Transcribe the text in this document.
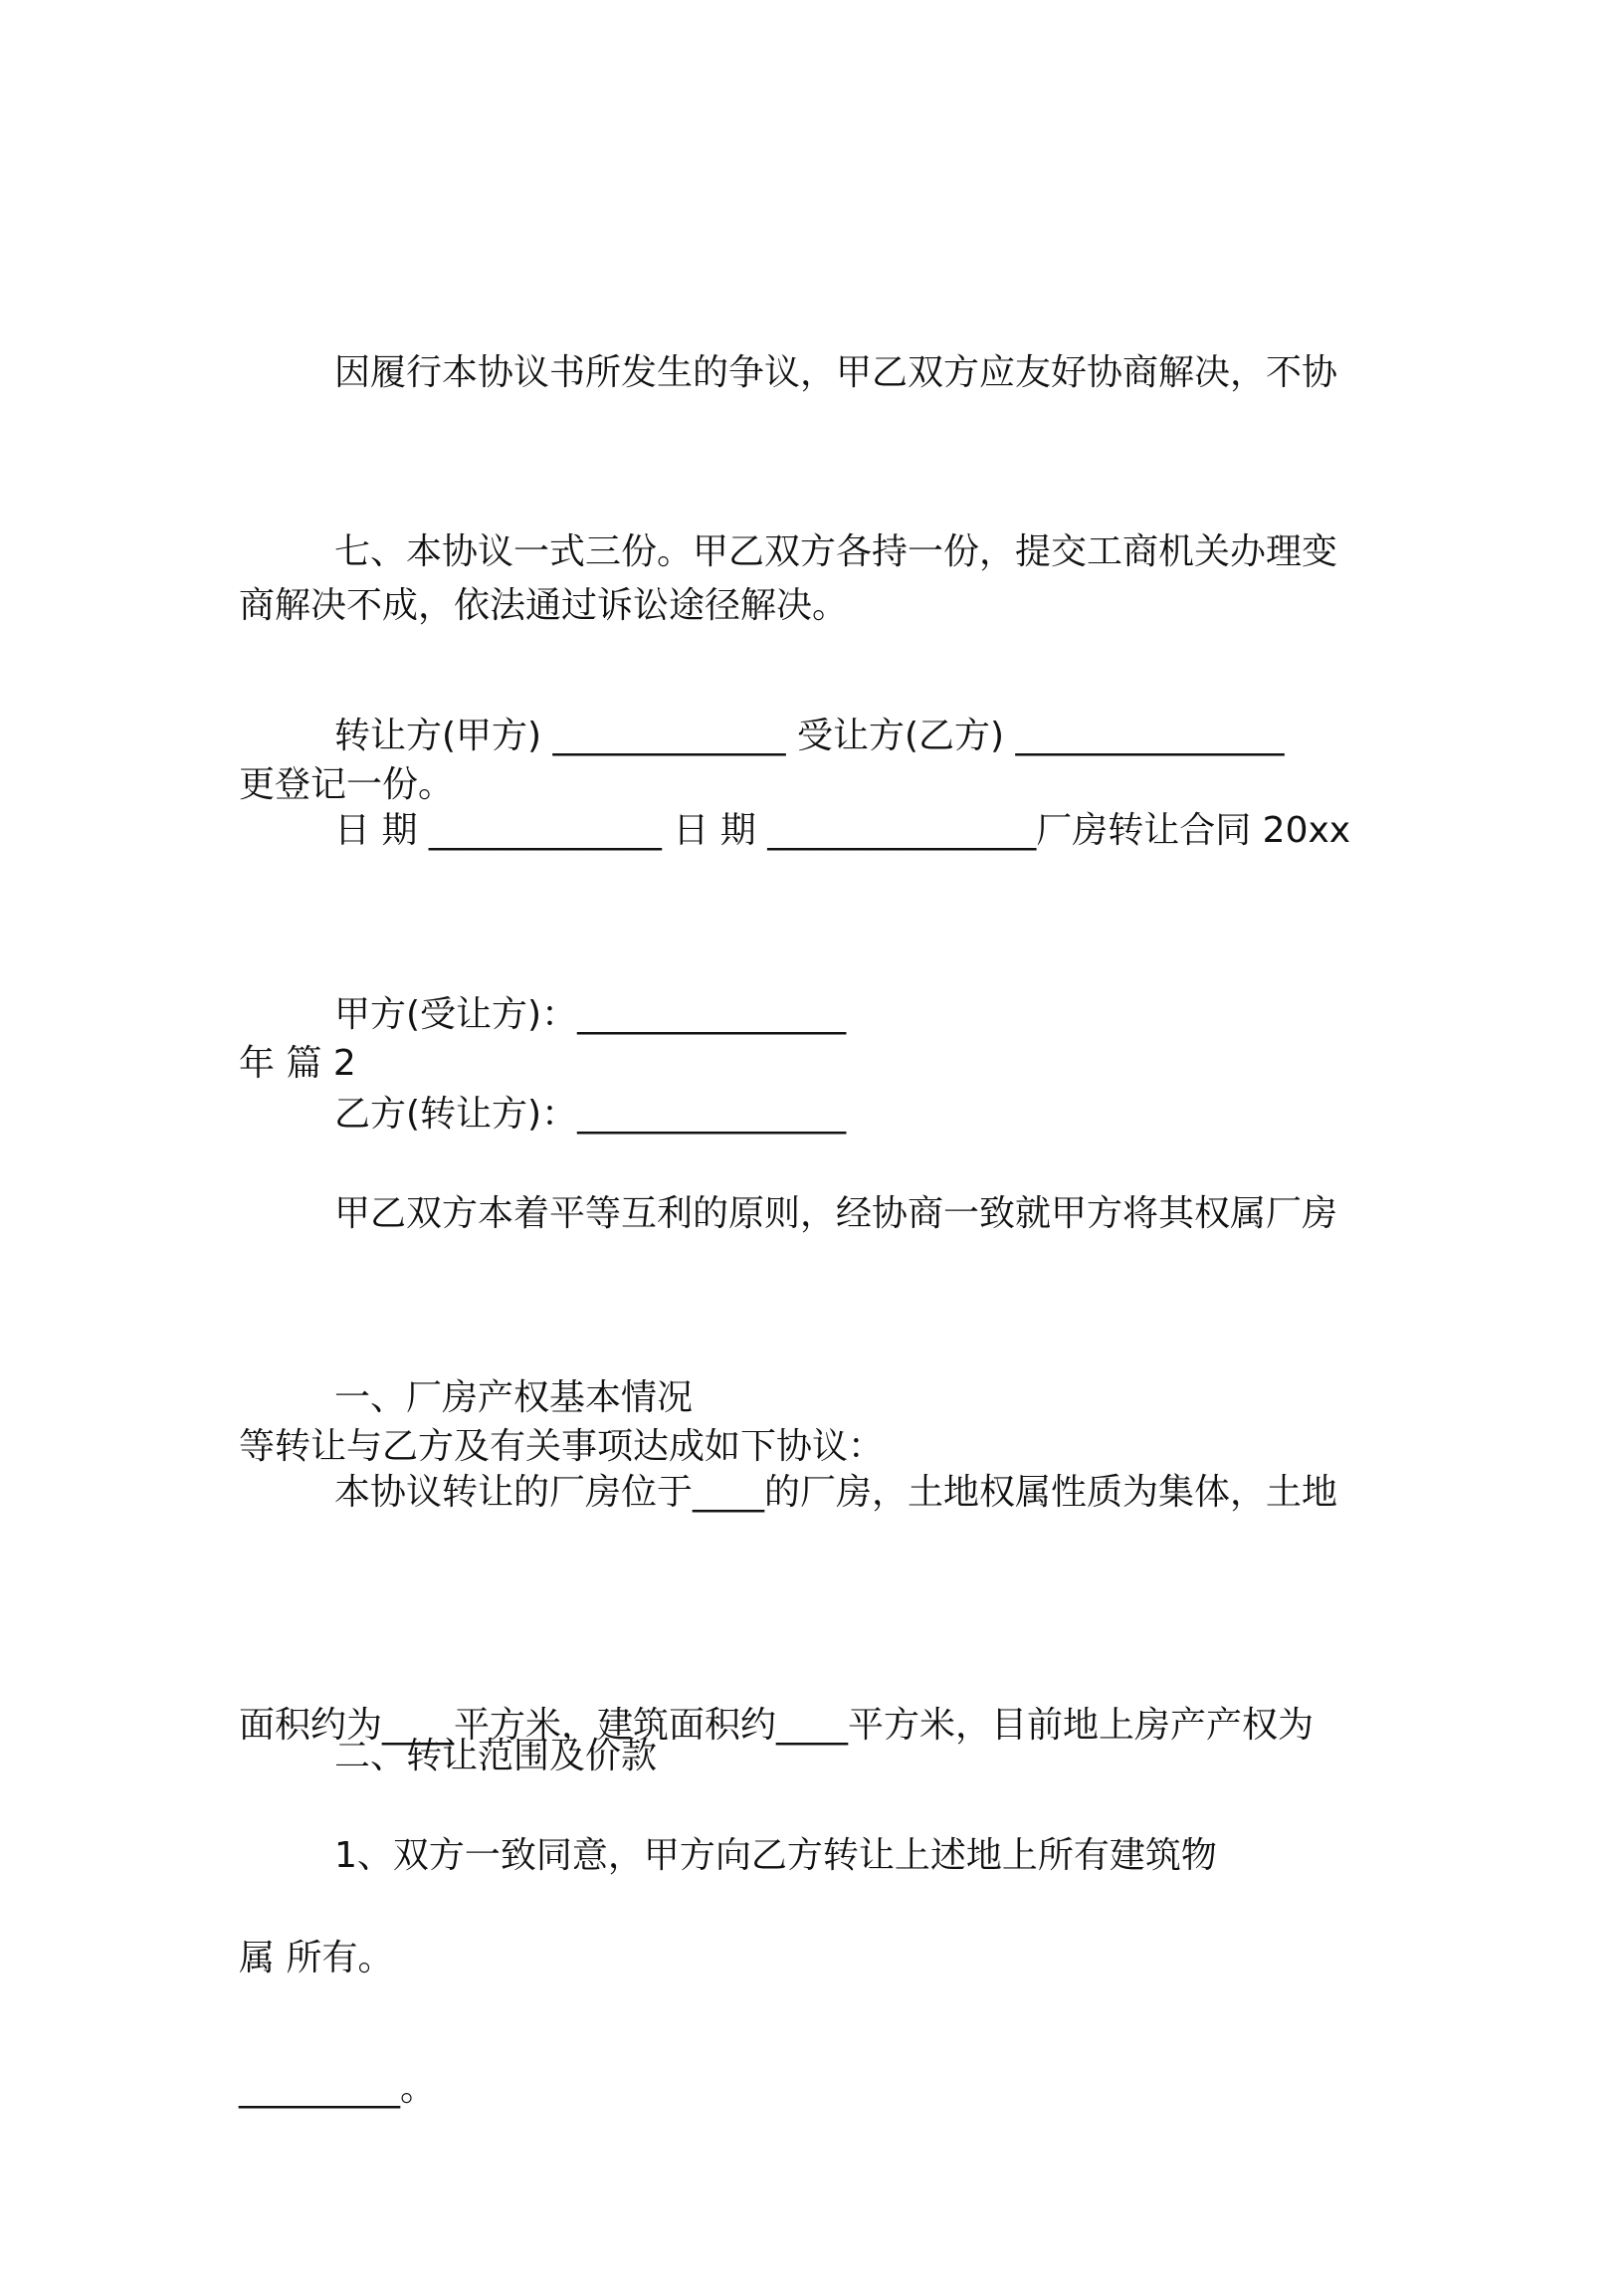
因履行本协议书所发生的争议，甲乙双方应友好协商解决，不协

商解决不成，依法通过诉讼途径解决。

七、本协议一式三份。甲乙双方各持一份，提交工商机关办理变

更登记一份。

转让方(甲方) _____________ 受让方(乙方) _______________

日 期 _____________ 日 期 _______________厂房转让合同 20xx

年 篇 2

甲方(受让方)：_______________

乙方(转让方)：_______________

甲乙双方本着平等互利的原则，经协商一致就甲方将其权属厂房

等转让与乙方及有关事项达成如下协议：

一、厂房产权基本情况

本协议转让的厂房位于____的厂房，土地权属性质为集体，土地

面积约为____平方米，建筑面积约____平方米，目前地上房产产权为

属 所有。

二、转让范围及价款

1、双方一致同意，甲方向乙方转让上述地上所有建筑物

_________。
